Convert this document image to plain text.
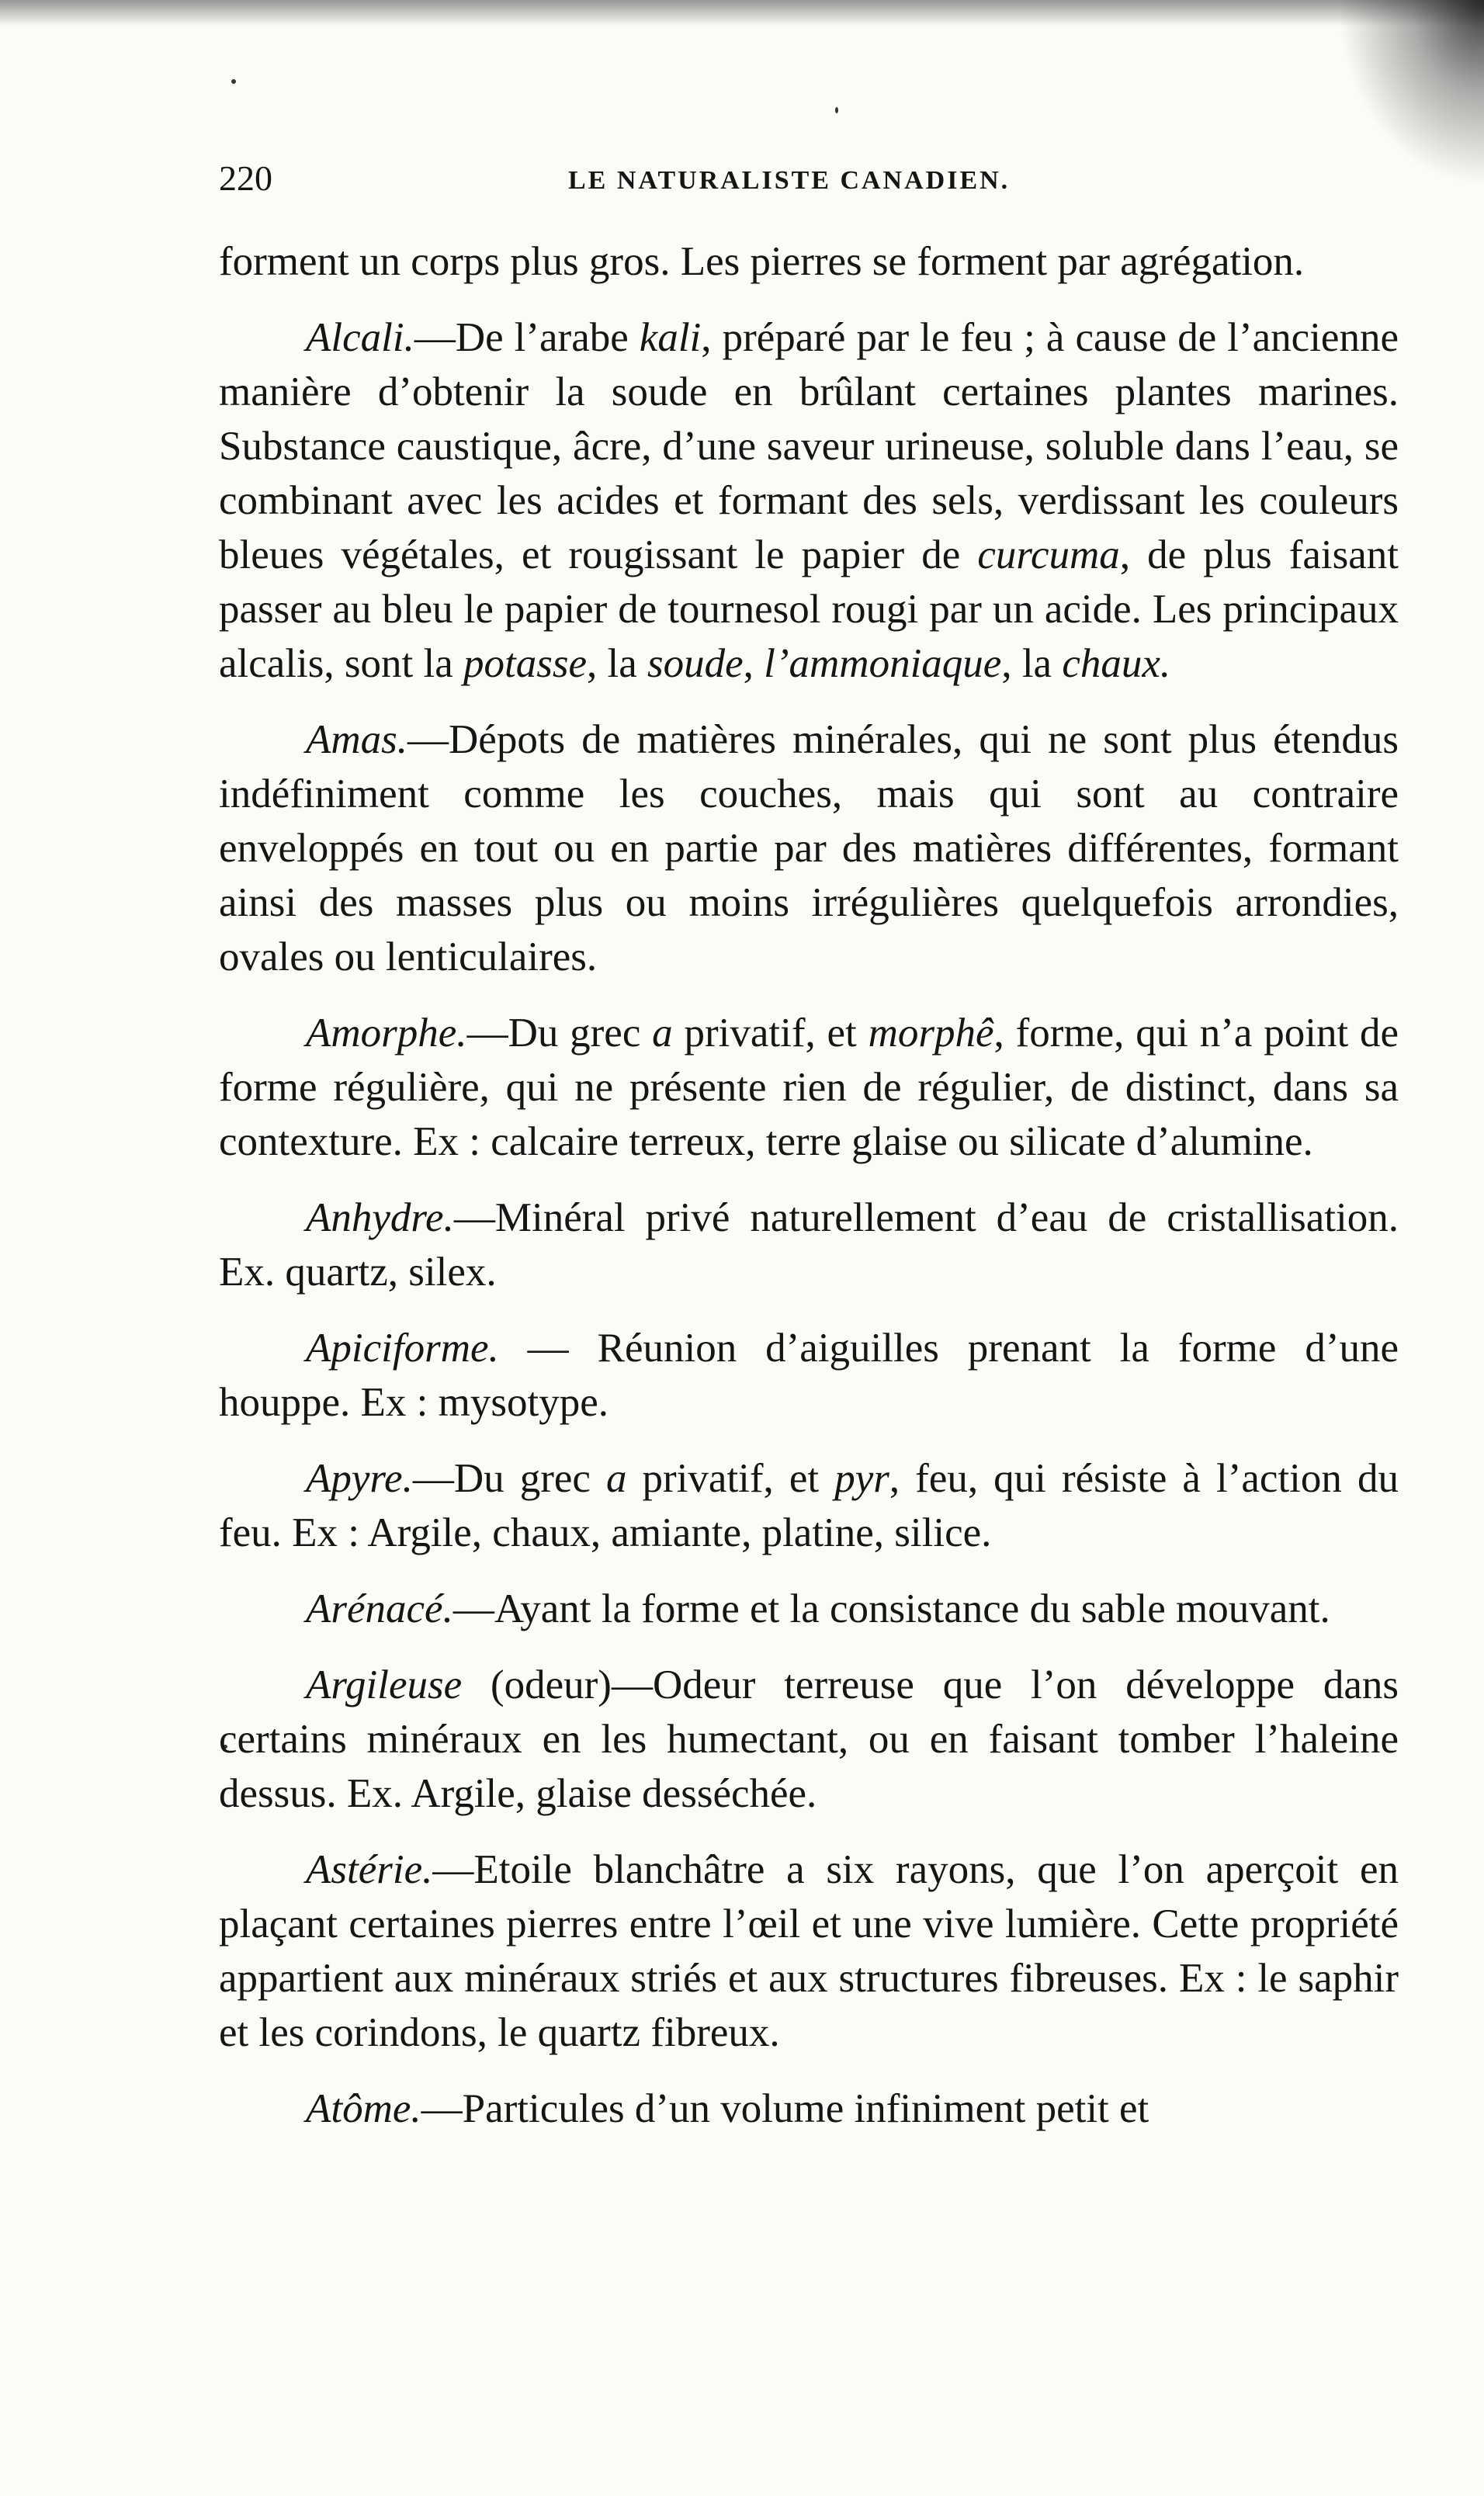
220	LE NATURALISTE CANADIEN.

forment un corps plus gros. Les pierres se forment par agrégation.

Alcali.—De l’arabe kali, préparé par le feu ; à cause de l’ancienne manière d’obtenir la soude en brûlant certaines plantes marines. Substance caustique, âcre, d’une saveur urineuse, soluble dans l’eau, se combinant avec les acides et formant des sels, verdissant les couleurs bleues végétales, et rougissant le papier de curcuma, de plus faisant passer au bleu le papier de tournesol rougi par un acide. Les principaux alcalis, sont la potasse, la soude, l’ammoniaque, la chaux.

Amas.—Dépots de matières minérales, qui ne sont plus étendus indéfiniment comme les couches, mais qui sont au contraire enveloppés en tout ou en partie par des matières différentes, formant ainsi des masses plus ou moins irrégulières quelquefois arrondies, ovales ou lenticulaires.

Amorphe.—Du grec a privatif, et morphê, forme, qui n’a point de forme régulière, qui ne présente rien de régulier, de distinct, dans sa contexture. Ex : calcaire terreux, terre glaise ou silicate d’alumine.

Anhydre.—Minéral privé naturellement d’eau de cristallisation. Ex. quartz, silex.

Apiciforme. — Réunion d’aiguilles prenant la forme d’une houppe. Ex : mysotype.

Apyre.—Du grec a privatif, et pyr, feu, qui résiste à l’action du feu. Ex : Argile, chaux, amiante, platine, silice.

Arénacé.—Ayant la forme et la consistance du sable mouvant.

Argileuse (odeur)—Odeur terreuse que l’on développe dans certains minéraux en les humectant, ou en faisant tomber l’haleine dessus. Ex. Argile, glaise desséchée.

Astérie.—Etoile blanchâtre a six rayons, que l’on aperçoit en plaçant certaines pierres entre l’œil et une vive lumière. Cette propriété appartient aux minéraux striés et aux structures fibreuses. Ex : le saphir et les corindons, le quartz fibreux.

Atôme.—Particules d’un volume infiniment petit et
